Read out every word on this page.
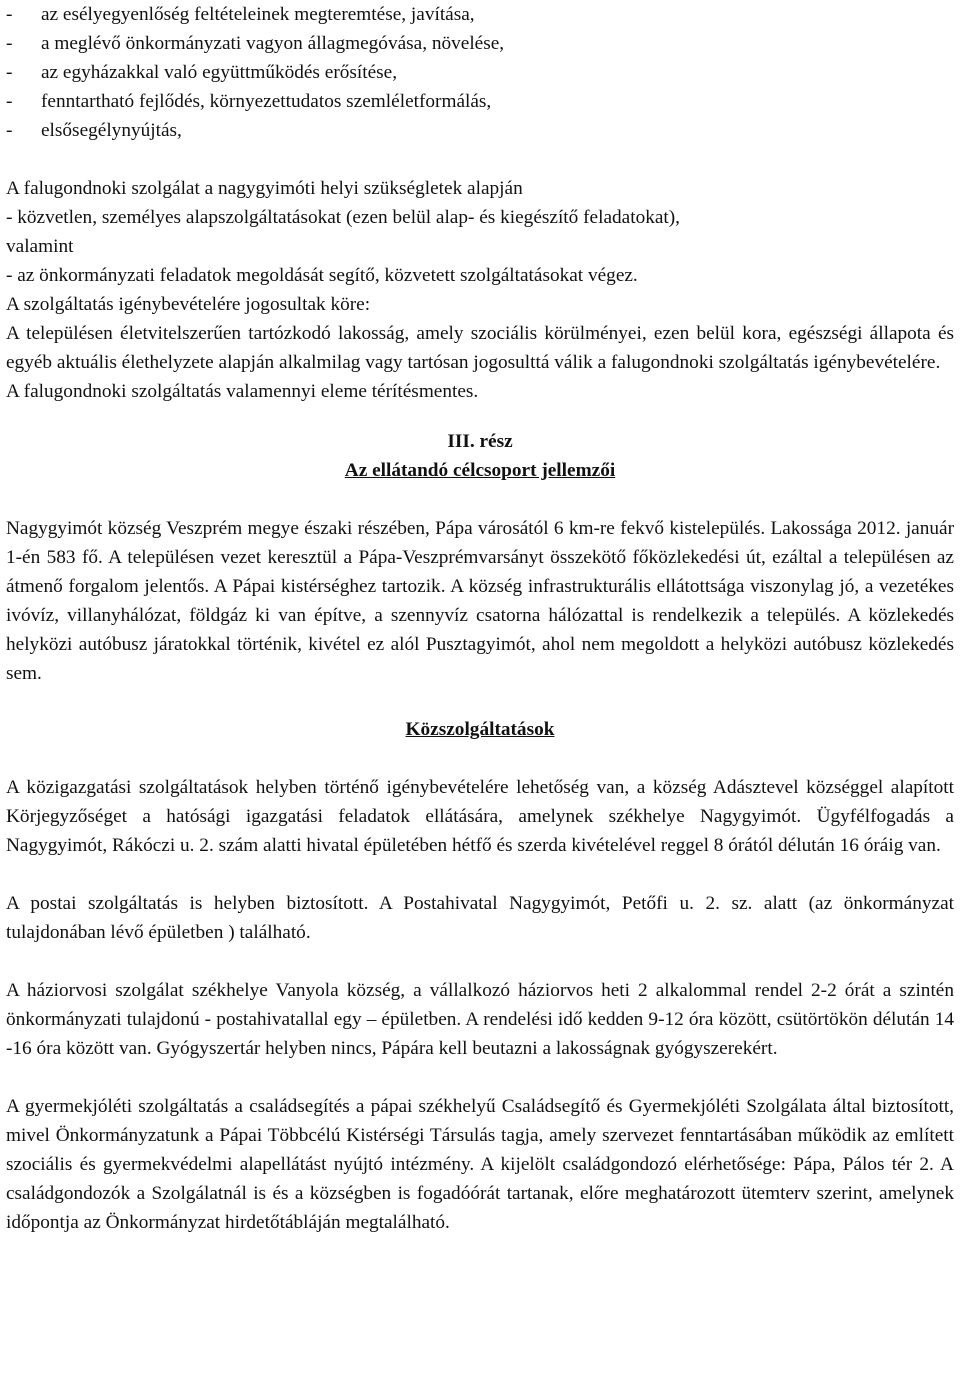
- az esélyegyenlőség feltételeinek megteremtése, javítása,
- a meglévő önkormányzati vagyon állagmegóvása, növelése,
- az egyházakkal való együttműködés erősítése,
- fenntartható fejlődés, környezettudatos szemléletformálás,
- elsősegélynyújtás,

A falugondnoki szolgálat a nagygyimóti helyi szükségletek alapján

- közvetlen, személyes alapszolgáltatásokat (ezen belül alap- és kiegészítő feladatokat),

valamint

- az önkormányzati feladatok megoldását segítő, közvetett szolgáltatásokat végez.

A szolgáltatás igénybevételére jogosultak köre:

A településen életvitelszerűen tartózkodó lakosság, amely szociális körülményei, ezen belül kora, egészségi állapota és egyéb aktuális élethelyzete alapján alkalmilag vagy tartósan jogosulttá válik a falugondnoki szolgáltatás igénybevételére.

A falugondnoki szolgáltatás valamennyi eleme térítésmentes.

III. rész

Az ellátandó célcsoport jellemzői

Nagygyimót község Veszprém megye északi részében, Pápa városától 6 km-re fekvő kistelepülés. Lakossága 2012. január 1-én 583 fő. A településen vezet keresztül a Pápa-Veszprémvarsányt összekötő főközlekedési út, ezáltal a településen az átmenő forgalom jelentős. A Pápai kistérséghez tartozik. A község infrastrukturális ellátottsága viszonylag jó, a vezetékes ivóvíz, villanyhálózat, földgáz ki van építve, a szennyvíz csatorna hálózattal is rendelkezik a település. A közlekedés helyközi autóbusz járatokkal történik, kivétel ez alól Pusztagyimót, ahol nem megoldott a helyközi autóbusz közlekedés sem.

Közszolgáltatások

A közigazgatási szolgáltatások helyben történő igénybevételére lehetőség van, a község Adásztevel községgel alapított Körjegyzőséget a hatósági igazgatási feladatok ellátására, amelynek székhelye Nagygyimót. Ügyfélfogadás a Nagygyimót, Rákóczi u. 2. szám alatti hivatal épületében hétfő és szerda kivételével reggel 8 órától délután 16 óráig van.

A postai szolgáltatás is helyben biztosított. A Postahivatal Nagygyimót, Petőfi u. 2. sz. alatt (az önkormányzat tulajdonában lévő épületben ) található.

A háziorvosi szolgálat székhelye Vanyola község, a vállalkozó háziorvos heti 2 alkalommal rendel 2-2 órát a szintén önkormányzati tulajdonú - postahivatallal egy – épületben. A rendelési idő kedden 9-12 óra között, csütörtökön délután 14 -16 óra között van. Gyógyszertár helyben nincs, Pápára kell beutazni a lakosságnak gyógyszerekért.

A gyermekjóléti szolgáltatás a családsegítés a pápai székhelyű Családsegítő és Gyermekjóléti Szolgálata által biztosított, mivel Önkormányzatunk a Pápai Többcélú Kistérségi Társulás tagja, amely szervezet fenntartásában működik az említett szociális és gyermekvédelmi alapellátást nyújtó intézmény. A kijelölt családgondozó elérhetősége: Pápa, Pálos tér 2. A családgondozók a Szolgálatnál is és a községben is fogadóórát tartanak, előre meghatározott ütemterv szerint, amelynek időpontja az Önkormányzat hirdetőtábláján megtalálható.
